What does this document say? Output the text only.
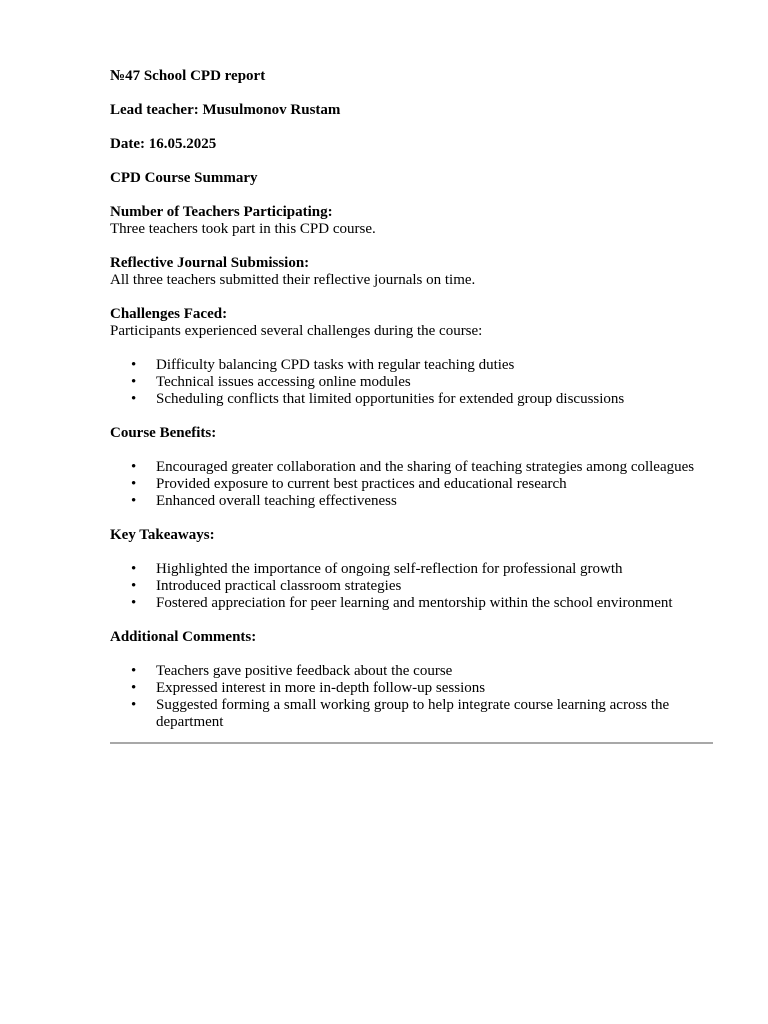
№47 School CPD report

Lead teacher: Musulmonov Rustam

Date: 16.05.2025

CPD Course Summary

Number of Teachers Participating:

Three teachers took part in this CPD course.

Reflective Journal Submission:

All three teachers submitted their reflective journals on time.

Challenges Faced:

Participants experienced several challenges during the course:

• Difficulty balancing CPD tasks with regular teaching duties
• Technical issues accessing online modules
• Scheduling conflicts that limited opportunities for extended group discussions

Course Benefits:

• Encouraged greater collaboration and the sharing of teaching strategies among colleagues
• Provided exposure to current best practices and educational research
• Enhanced overall teaching effectiveness

Key Takeaways:

• Highlighted the importance of ongoing self-reflection for professional growth
• Introduced practical classroom strategies
• Fostered appreciation for peer learning and mentorship within the school environment

Additional Comments:

• Teachers gave positive feedback about the course
• Expressed interest in more in-depth follow-up sessions
• Suggested forming a small working group to help integrate course learning across the department
